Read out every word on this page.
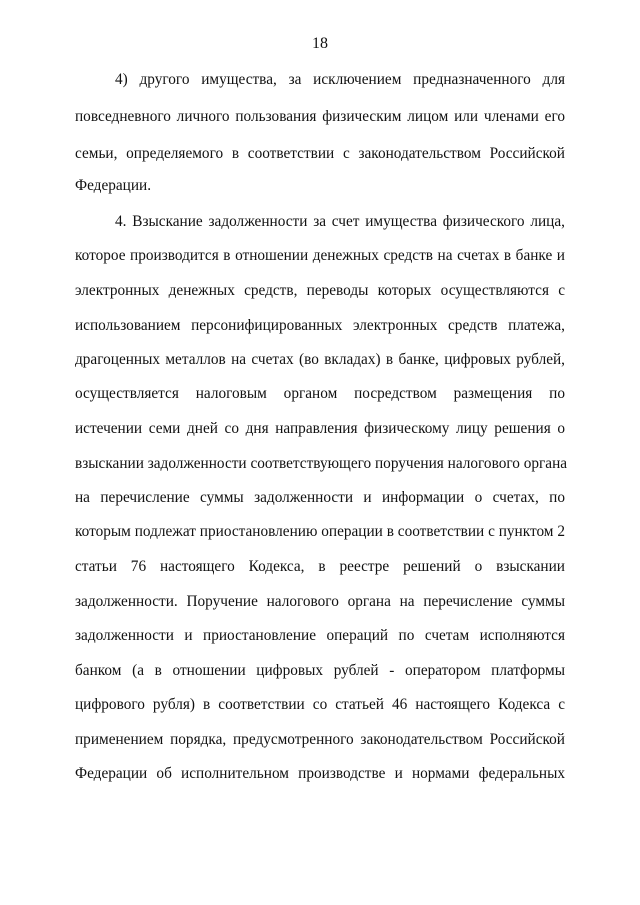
18
4) другого имущества, за исключением предназначенного для
повседневного личного пользования физическим лицом или членами его
семьи, определяемого в соответствии с законодательством Российской
Федерации.
4. Взыскание задолженности за счет имущества физического лица,
которое производится в отношении денежных средств на счетах в банке и
электронных денежных средств, переводы которых осуществляются с
использованием персонифицированных электронных средств платежа,
драгоценных металлов на счетах (во вкладах) в банке, цифровых рублей,
осуществляется налоговым органом посредством размещения по
истечении семи дней со дня направления физическому лицу решения о
взыскании задолженности соответствующего поручения налогового органа
на перечисление суммы задолженности и информации о счетах, по
которым подлежат приостановлению операции в соответствии с пунктом 2
статьи 76 настоящего Кодекса, в реестре решений о взыскании
задолженности. Поручение налогового органа на перечисление суммы
задолженности и приостановление операций по счетам исполняются
банком (а в отношении цифровых рублей - оператором платформы
цифрового рубля) в соответствии со статьей 46 настоящего Кодекса с
применением порядка, предусмотренного законодательством Российской
Федерации об исполнительном производстве и нормами федеральных
